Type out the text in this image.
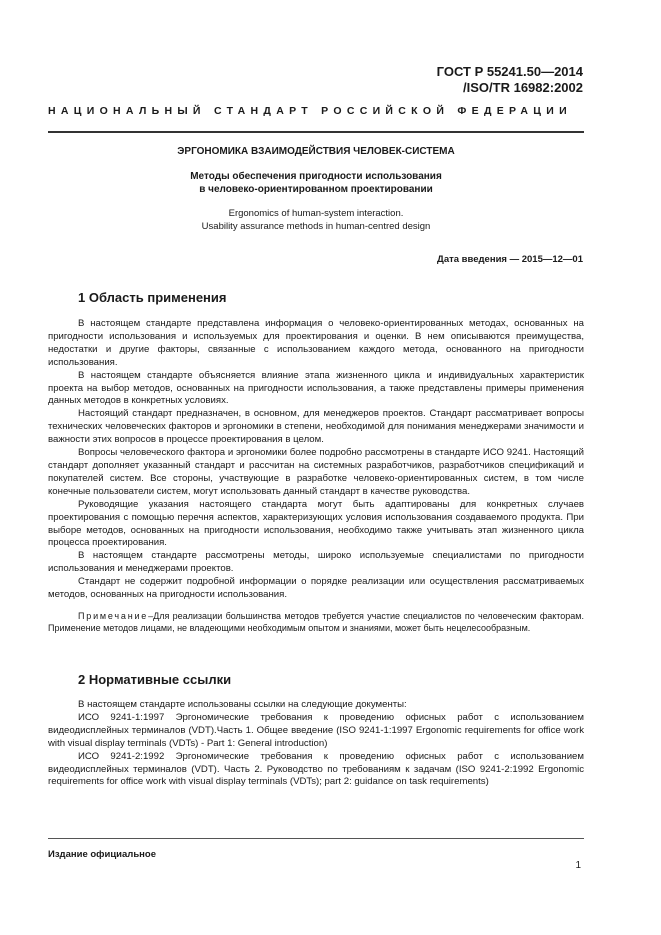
ГОСТ Р 55241.50—2014
/ISO/TR 16982:2002
НАЦИОНАЛЬНЫЙ СТАНДАРТ РОССИЙСКОЙ ФЕДЕРАЦИИ
ЭРГОНОМИКА ВЗАИМОДЕЙСТВИЯ ЧЕЛОВЕК-СИСТЕМА
Методы обеспечения пригодности использования
в человеко-ориентированном проектировании
Ergonomics of human-system interaction.
Usability assurance methods in human-centred design
Дата введения — 2015—12—01
1 Область применения

В настоящем стандарте представлена информация о человеко-ориентированных методах, основанных на пригодности использования и используемых для проектирования и оценки. В нем описываются преимущества, недостатки и другие факторы, связанные с использованием каждого метода, основанного на пригодности использования.

В настоящем стандарте объясняется влияние этапа жизненного цикла и индивидуальных характеристик проекта на выбор методов, основанных на пригодности использования, а также представлены примеры применения данных методов в конкретных условиях.

Настоящий стандарт предназначен, в основном, для менеджеров проектов. Стандарт рассматривает вопросы технических человеческих факторов и эргономики в степени, необходимой для понимания менеджерами значимости и важности этих вопросов в процессе проектирования в целом.

Вопросы человеческого фактора и эргономики более подробно рассмотрены в стандарте ИСО 9241. Настоящий стандарт дополняет указанный стандарт и рассчитан на системных разработчиков, разработчиков спецификаций и покупателей систем. Все стороны, участвующие в разработке человеко-ориентированных систем, в том числе конечные пользователи систем, могут использовать данный стандарт в качестве руководства.

Руководящие указания настоящего стандарта могут быть адаптированы для конкретных случаев проектирования с помощью перечня аспектов, характеризующих условия использования создаваемого продукта. При выборе методов, основанных на пригодности использования, необходимо также учитывать этап жизненного цикла процесса проектирования.

В настоящем стандарте рассмотрены методы, широко используемые специалистами по пригодности использования и менеджерами проектов.

Стандарт не содержит подробной информации о порядке реализации или осуществления рассматриваемых методов, основанных на пригодности использования.

Примечание–Для реализации большинства методов требуется участие специалистов по человеческим факторам. Применение методов лицами, не владеющими необходимым опытом и знаниями, может быть нецелесообразным.

2 Нормативные ссылки

В настоящем стандарте использованы ссылки на следующие документы:

ИСО 9241-1:1997 Эргономические требования к проведению офисных работ с использованием видеодисплейных терминалов (VDT).Часть 1. Общее введение (ISO 9241-1:1997 Ergonomic requirements for office work with visual display terminals (VDTs) - Part 1: General introduction)

ИСО 9241-2:1992 Эргономические требования к проведению офисных работ с использованием видеодисплейных терминалов (VDT). Часть 2. Руководство по требованиям к задачам (ISO 9241-2:1992 Ergonomic requirements for office work with visual display terminals (VDTs); part 2: guidance on task requirements)

Издание официальное
1
